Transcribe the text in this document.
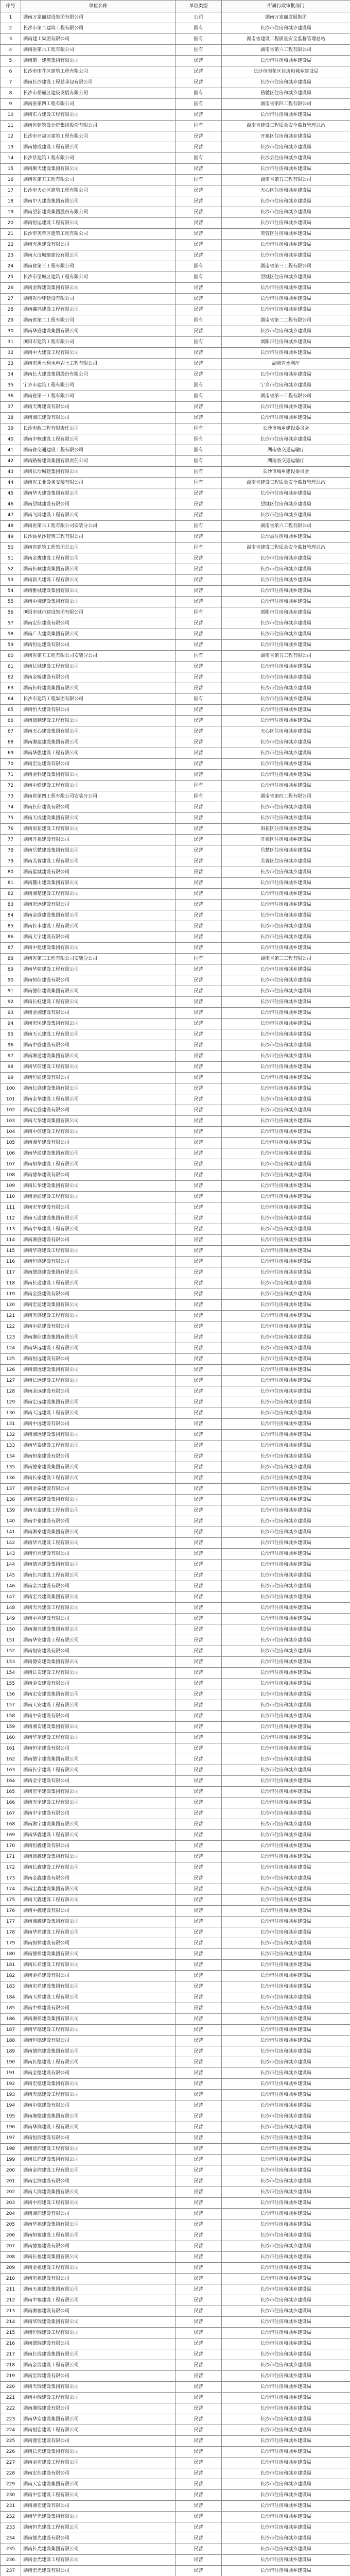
序号	单位名称	单位类型	所属行政审批部门
1	湖南万家丽建设集团有限公司	公司	湖南万家丽发展集团
2	长沙市第二建筑工程有限公司	国有	长沙市住房和城乡建设局
3	湖南建工集团有限公司	国有	湖南省建设工程质量安全监督管理总站
4	湖南省第六工程有限公司	国有	湖南省第六工程有限公司
5	湖南第一建筑集团有限公司	民营	长沙市住房和城乡建设局
6	长沙市雨花区建筑工程有限公司	民营	长沙市雨花区住房和城乡建设局
7	湖南长沙建设工程总承包有限公司	民营	长沙市住房和城乡建设局
8	长沙市岳麓区建设发展有限公司	国有	岳麓区住房和城乡建设局
9	湖南省第四工程有限公司	国有	湖南省第四工程有限公司
10	湖南东方建设工程有限公司	民营	长沙市住房和城乡建设局
11	湖南省建筑设计院集团股份有限公司	国有	湖南省建设工程质量安全监督管理总站
12	长沙市开福区建筑工程有限公司	民营	开福区住房和城乡建设局
13	湖南德成建设工程有限公司	民营	长沙市住房和城乡建设局
14	长沙县建筑工程有限公司	国有	长沙县住房和城乡建设局
15	湖南顺天建设集团有限公司	民营	长沙市住房和城乡建设局
16	湖南省第五工程有限公司	国有	湖南省第五工程有限公司
17	长沙市天心区建筑工程有限公司	民营	天心区住房和城乡建设局
18	湖南中天建设集团有限公司	民营	长沙市住房和城乡建设局
19	湖南望新建设集团股份有限公司	民营	长沙市住房和城乡建设局
20	湖南恒运建设工程有限公司	民营	长沙市住房和城乡建设局
21	长沙市芙蓉区建筑工程有限公司	民营	芙蓉区住房和城乡建设局
22	湖南天禹建设有限公司	民营	长沙市住房和城乡建设局
23	湖南大汉城镇建设有限公司	民营	长沙市住房和城乡建设局
24	湖南省第三工程有限公司	国有	湖南省第三工程有限公司
25	长沙市望城区建筑工程有限公司	国有	望城区住房和城乡建设局
26	湖南金辉建设集团有限公司	民营	长沙市住房和城乡建设局
27	湖南省沙坪建设有限公司	民营	长沙市住房和城乡建设局
28	湖南鑫鸿建设工程有限公司	民营	长沙市住房和城乡建设局
29	湖南省第二工程有限公司	国有	湖南省第二工程有限公司
30	湖南华盛建设集团有限公司	民营	长沙市住房和城乡建设局
31	浏阳市建筑工程有限公司	国有	浏阳市住房和城乡建设局
32	湖南中大建设工程有限公司	民营	长沙市住房和城乡建设局
33	湖南宏禹水利水电岩土工程有限公司	民营	湖南省水利厅
34	湖南长大建设集团股份有限公司	民营	长沙市住房和城乡建设局
35	宁乡市建筑工程有限公司	国有	宁乡市住房和城乡建设局
36	湖南省第一工程有限公司	国有	湖南省第一工程有限公司
37	湖南天鹰建设有限公司	民营	长沙市住房和城乡建设局
38	湖南湘江建设有限公司	民营	长沙市住房和城乡建设局
39	长沙市政工程有限责任公司	国有	长沙市城乡建设委员会
40	湖南中核建设工程有限公司	国有	长沙市住房和城乡建设局
41	湖南省交通建设工程有限公司	国有	湖南省交通运输厅
42	湖南路桥建设集团有限责任公司	国有	湖南省交通运输厅
43	湖南长沙城建集团有限公司	国有	长沙市城乡建设委员会
44	湖南省工业设备安装有限公司	国有	湖南省建设工程质量安全监督管理总站
45	湖南华天建设集团有限公司	民营	长沙市住房和城乡建设局
46	湖南望城建设有限公司	民营	望城区住房和城乡建设局
47	湖南飞鸿建设工程有限公司	民营	长沙市住房和城乡建设局
48	湖南省第六工程有限公司安装分公司	国有	湖南省第六工程有限公司
49	长沙县星沙建筑工程有限公司	民营	长沙县住房和城乡建设局
50	湖南省建筑工程集团总公司	国有	湖南省建设工程质量安全监督管理总站
51	湖南金鹰建设工程有限公司	民营	长沙市住房和城乡建设局
52	湖南长顺建设集团有限公司	民营	长沙市住房和城乡建设局
53	湖南新天建设工程有限公司	民营	长沙市住房和城乡建设局
54	湖南雅城建设集团有限公司	民营	长沙市住房和城乡建设局
55	湖南中湘建设集团有限公司	民营	长沙市住房和城乡建设局
56	浏阳市城市建设集团有限公司	国有	浏阳市住房和城乡建设局
57	湖南宏信建设有限公司	民营	长沙市住房和城乡建设局
58	湖南广大建设集团有限公司	民营	长沙市住房和城乡建设局
59	湖南恒达建设有限公司	民营	长沙市住房和城乡建设局
60	湖南省第五工程有限公司安装分公司	国有	湖南省第五工程有限公司
61	湖南长城建设工程有限公司	民营	长沙市住房和城乡建设局
62	湖南金桥建设有限公司	民营	长沙市住房和城乡建设局
63	湖南长岭建设集团有限公司	民营	长沙市住房和城乡建设局
64	长沙市建筑工程集团有限公司	国有	长沙市住房和城乡建设局
65	湖南恒大建设有限公司	民营	长沙市住房和城乡建设局
66	湖南德顺建设工程有限公司	民营	长沙市住房和城乡建设局
67	湖南天心建设集团有限公司	民营	天心区住房和城乡建设局
68	湖南湘建建设集团有限公司	民营	长沙市住房和城乡建设局
69	湖南华强建设工程有限公司	民营	长沙市住房和城乡建设局
70	湖南宏达建设有限公司	民营	长沙市住房和城乡建设局
71	湖南金科建设集团有限公司	民营	长沙市住房和城乡建设局
72	湖南中铁建设工程有限公司	国有	长沙市住房和城乡建设局
73	湖南省第四工程有限公司安装分公司	国有	湖南省第四工程有限公司
74	湖南长信建设有限公司	民营	长沙市住房和城乡建设局
75	湖南天成建设集团有限公司	民营	长沙市住房和城乡建设局
76	湖南雨花建设工程有限公司	民营	雨花区住房和城乡建设局
77	湖南开福建设有限公司	民营	开福区住房和城乡建设局
78	湖南岳麓建设集团有限公司	民营	岳麓区住房和城乡建设局
79	湖南芙蓉建设工程有限公司	民营	芙蓉区住房和城乡建设局
80	湖南星城建设有限公司	民营	长沙市住房和城乡建设局
81	湖南麓山建设集团有限公司	民营	长沙市住房和城乡建设局
82	湖南湘楚建设工程有限公司	民营	长沙市住房和城乡建设局
83	湖南宏远建设有限公司	民营	长沙市住房和城乡建设局
84	湖南金盛建设集团有限公司	民营	长沙市住房和城乡建设局
85	湖南长丰建设工程有限公司	民营	长沙市住房和城乡建设局
86	湖南天宇建设有限公司	民营	长沙市住房和城乡建设局
87	湖南中建建设集团有限公司	民营	长沙市住房和城乡建设局
88	湖南省第三工程有限公司安装分公司	国有	湖南省第三工程有限公司
89	湖南华建建设工程有限公司	民营	长沙市住房和城乡建设局
90	湖南恒信建设有限公司	民营	长沙市住房和城乡建设局
91	湖南德信建设集团有限公司	民营	长沙市住房和城乡建设局
92	湖南长虹建设工程有限公司	民营	长沙市住房和城乡建设局
93	湖南金湘建设有限公司	民营	长沙市住房和城乡建设局
94	湖南宏图建设集团有限公司	民营	长沙市住房和城乡建设局
95	湖南天元建设工程有限公司	民营	长沙市住房和城乡建设局
96	湖南中盛建设有限公司	民营	长沙市住房和城乡建设局
97	湖南湘通建设集团有限公司	民营	长沙市住房和城乡建设局
98	湖南华信建设工程有限公司	民营	长沙市住房和城乡建设局
99	湖南恒通建设有限公司	民营	长沙市住房和城乡建设局
100	湖南长盛建设集团有限公司	民营	长沙市住房和城乡建设局
101	湖南金华建设工程有限公司	民营	长沙市住房和城乡建设局
102	湖南宏盛建设有限公司	民营	长沙市住房和城乡建设局
103	湖南天华建设集团有限公司	民营	长沙市住房和城乡建设局
104	湖南中信建设工程有限公司	民营	长沙市住房和城乡建设局
105	湖南湘华建设有限公司	民营	长沙市住房和城乡建设局
106	湖南华通建设集团有限公司	民营	长沙市住房和城乡建设局
107	湖南恒华建设工程有限公司	民营	长沙市住房和城乡建设局
108	湖南德华建设有限公司	民营	长沙市住房和城乡建设局
109	湖南长华建设集团有限公司	民营	长沙市住房和城乡建设局
110	湖南金通建设工程有限公司	民营	长沙市住房和城乡建设局
111	湖南宏华建设有限公司	民营	长沙市住房和城乡建设局
112	湖南天通建设集团有限公司	民营	长沙市住房和城乡建设局
113	湖南中华建设工程有限公司	民营	长沙市住房和城乡建设局
114	湖南湘盛建设有限公司	民营	长沙市住房和城乡建设局
115	湖南华盛建设工程有限公司	民营	长沙市住房和城乡建设局
116	湖南恒盛建设有限公司	民营	长沙市住房和城乡建设局
117	湖南德盛建设集团有限公司	民营	长沙市住房和城乡建设局
118	湖南长通建设工程有限公司	民营	长沙市住房和城乡建设局
119	湖南金盛建设有限公司	民营	长沙市住房和城乡建设局
120	湖南宏通建设集团有限公司	民营	长沙市住房和城乡建设局
121	湖南天盛建设工程有限公司	民营	长沙市住房和城乡建设局
122	湖南中通建设有限公司	民营	长沙市住房和城乡建设局
123	湖南湘信建设集团有限公司	民营	长沙市住房和城乡建设局
124	湖南华远建设工程有限公司	民营	长沙市住房和城乡建设局
125	湖南恒远建设有限公司	民营	长沙市住房和城乡建设局
126	湖南德远建设集团有限公司	民营	长沙市住房和城乡建设局
127	湖南长远建设工程有限公司	民营	长沙市住房和城乡建设局
128	湖南金远建设有限公司	民营	长沙市住房和城乡建设局
129	湖南宏远建设集团有限公司	民营	长沙市住房和城乡建设局
130	湖南天远建设工程有限公司	民营	长沙市住房和城乡建设局
131	湖南中远建设有限公司	民营	长沙市住房和城乡建设局
132	湖南湘远建设集团有限公司	民营	长沙市住房和城乡建设局
133	湖南华泰建设工程有限公司	民营	长沙市住房和城乡建设局
134	湖南恒泰建设有限公司	民营	长沙市住房和城乡建设局
135	湖南德泰建设集团有限公司	民营	长沙市住房和城乡建设局
136	湖南长泰建设工程有限公司	民营	长沙市住房和城乡建设局
137	湖南金泰建设有限公司	民营	长沙市住房和城乡建设局
138	湖南宏泰建设集团有限公司	民营	长沙市住房和城乡建设局
139	湖南天泰建设工程有限公司	民营	长沙市住房和城乡建设局
140	湖南中泰建设有限公司	民营	长沙市住房和城乡建设局
141	湖南湘泰建设集团有限公司	民营	长沙市住房和城乡建设局
142	湖南华兴建设工程有限公司	民营	长沙市住房和城乡建设局
143	湖南恒兴建设有限公司	民营	长沙市住房和城乡建设局
144	湖南德兴建设集团有限公司	民营	长沙市住房和城乡建设局
145	湖南长兴建设工程有限公司	民营	长沙市住房和城乡建设局
146	湖南金兴建设有限公司	民营	长沙市住房和城乡建设局
147	湖南宏兴建设集团有限公司	民营	长沙市住房和城乡建设局
148	湖南天兴建设工程有限公司	民营	长沙市住房和城乡建设局
149	湖南中兴建设有限公司	民营	长沙市住房和城乡建设局
150	湖南湘兴建设集团有限公司	民营	长沙市住房和城乡建设局
151	湖南华安建设工程有限公司	民营	长沙市住房和城乡建设局
152	湖南恒安建设有限公司	民营	长沙市住房和城乡建设局
153	湖南德安建设集团有限公司	民营	长沙市住房和城乡建设局
154	湖南长安建设工程有限公司	民营	长沙市住房和城乡建设局
155	湖南金安建设有限公司	民营	长沙市住房和城乡建设局
156	湖南宏安建设集团有限公司	民营	长沙市住房和城乡建设局
157	湖南天安建设工程有限公司	民营	长沙市住房和城乡建设局
158	湖南中安建设有限公司	民营	长沙市住房和城乡建设局
159	湖南湘安建设集团有限公司	民营	长沙市住房和城乡建设局
160	湖南华宇建设工程有限公司	民营	长沙市住房和城乡建设局
161	湖南恒宇建设有限公司	民营	长沙市住房和城乡建设局
162	湖南德宇建设集团有限公司	民营	长沙市住房和城乡建设局
163	湖南长宇建设工程有限公司	民营	长沙市住房和城乡建设局
164	湖南金宇建设有限公司	民营	长沙市住房和城乡建设局
165	湖南宏宇建设集团有限公司	民营	长沙市住房和城乡建设局
166	湖南天宇建设工程有限公司	民营	长沙市住房和城乡建设局
167	湖南中宇建设有限公司	民营	长沙市住房和城乡建设局
168	湖南湘宇建设集团有限公司	民营	长沙市住房和城乡建设局
169	湖南华鑫建设工程有限公司	民营	长沙市住房和城乡建设局
170	湖南恒鑫建设有限公司	民营	长沙市住房和城乡建设局
171	湖南德鑫建设集团有限公司	民营	长沙市住房和城乡建设局
172	湖南长鑫建设工程有限公司	民营	长沙市住房和城乡建设局
173	湖南金鑫建设有限公司	民营	长沙市住房和城乡建设局
174	湖南宏鑫建设集团有限公司	民营	长沙市住房和城乡建设局
175	湖南天鑫建设工程有限公司	民营	长沙市住房和城乡建设局
176	湖南中鑫建设有限公司	民营	长沙市住房和城乡建设局
177	湖南湘鑫建设集团有限公司	民营	长沙市住房和城乡建设局
178	湖南华祥建设工程有限公司	民营	长沙市住房和城乡建设局
179	湖南恒祥建设有限公司	民营	长沙市住房和城乡建设局
180	湖南德祥建设集团有限公司	民营	长沙市住房和城乡建设局
181	湖南长祥建设工程有限公司	民营	长沙市住房和城乡建设局
182	湖南金祥建设有限公司	民营	长沙市住房和城乡建设局
183	湖南宏祥建设集团有限公司	民营	长沙市住房和城乡建设局
184	湖南天祥建设工程有限公司	民营	长沙市住房和城乡建设局
185	湖南中祥建设有限公司	民营	长沙市住房和城乡建设局
186	湖南湘祥建设集团有限公司	民营	长沙市住房和城乡建设局
187	湖南华德建设工程有限公司	民营	长沙市住房和城乡建设局
188	湖南恒德建设有限公司	民营	长沙市住房和城乡建设局
189	湖南德润建设集团有限公司	民营	长沙市住房和城乡建设局
190	湖南长德建设工程有限公司	民营	长沙市住房和城乡建设局
191	湖南金德建设有限公司	民营	长沙市住房和城乡建设局
192	湖南宏德建设集团有限公司	民营	长沙市住房和城乡建设局
193	湖南天德建设工程有限公司	民营	长沙市住房和城乡建设局
194	湖南中德建设有限公司	民营	长沙市住房和城乡建设局
195	湖南湘德建设集团有限公司	民营	长沙市住房和城乡建设局
196	湖南华润建设工程有限公司	民营	长沙市住房和城乡建设局
197	湖南恒润建设有限公司	民营	长沙市住房和城乡建设局
198	湖南德润建设工程有限公司	民营	长沙市住房和城乡建设局
199	湖南长润建设集团有限公司	民营	长沙市住房和城乡建设局
200	湖南金润建设工程有限公司	民营	长沙市住房和城乡建设局
201	湖南宏润建设有限公司	民营	长沙市住房和城乡建设局
202	湖南天润建设集团有限公司	民营	长沙市住房和城乡建设局
203	湖南中润建设工程有限公司	民营	长沙市住房和城乡建设局
204	湖南湘润建设有限公司	民营	长沙市住房和城乡建设局
205	湖南华福建设集团有限公司	民营	长沙市住房和城乡建设局
206	湖南恒福建设工程有限公司	民营	长沙市住房和城乡建设局
207	湖南德福建设有限公司	民营	长沙市住房和城乡建设局
208	湖南长福建设集团有限公司	民营	长沙市住房和城乡建设局
209	湖南金福建设工程有限公司	民营	长沙市住房和城乡建设局
210	湖南宏福建设有限公司	民营	长沙市住房和城乡建设局
211	湖南天福建设集团有限公司	民营	长沙市住房和城乡建设局
212	湖南中福建设工程有限公司	民营	长沙市住房和城乡建设局
213	湖南湘福建设有限公司	民营	长沙市住房和城乡建设局
214	湖南华瑞建设集团有限公司	民营	长沙市住房和城乡建设局
215	湖南恒瑞建设工程有限公司	民营	长沙市住房和城乡建设局
216	湖南德瑞建设有限公司	民营	长沙市住房和城乡建设局
217	湖南长瑞建设集团有限公司	民营	长沙市住房和城乡建设局
218	湖南金瑞建设工程有限公司	民营	长沙市住房和城乡建设局
219	湖南宏瑞建设有限公司	民营	长沙市住房和城乡建设局
220	湖南天瑞建设集团有限公司	民营	长沙市住房和城乡建设局
221	湖南中瑞建设工程有限公司	民营	长沙市住房和城乡建设局
222	湖南湘瑞建设有限公司	民营	长沙市住房和城乡建设局
223	湖南华宏建设集团有限公司	民营	长沙市住房和城乡建设局
224	湖南恒宏建设工程有限公司	民营	长沙市住房和城乡建设局
225	湖南德宏建设有限公司	民营	长沙市住房和城乡建设局
226	湖南长宏建设集团有限公司	民营	长沙市住房和城乡建设局
227	湖南金宏建设工程有限公司	民营	长沙市住房和城乡建设局
228	湖南宏伟建设有限公司	民营	长沙市住房和城乡建设局
229	湖南天宏建设集团有限公司	民营	长沙市住房和城乡建设局
230	湖南中宏建设工程有限公司	民营	长沙市住房和城乡建设局
231	湖南湘宏建设有限公司	民营	长沙市住房和城乡建设局
232	湖南华光建设集团有限公司	民营	长沙市住房和城乡建设局
233	湖南恒光建设工程有限公司	民营	长沙市住房和城乡建设局
234	湖南德光建设有限公司	民营	长沙市住房和城乡建设局
235	湖南长光建设集团有限公司	民营	长沙市住房和城乡建设局
236	湖南金光建设工程有限公司	民营	长沙市住房和城乡建设局
237	湖南宏光建设有限公司	民营	长沙市住房和城乡建设局
